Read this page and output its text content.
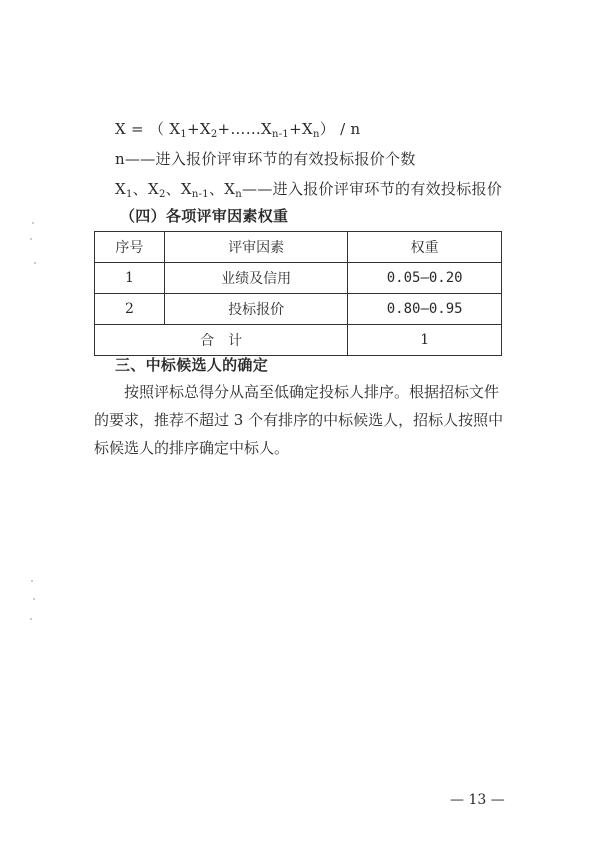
X = （ $X_1+X_2+\dots\dots X_{n-1}+X_n) / n$
n——进入报价评审环节的有效投标报价个数
$X_1$、$X_2$、$X_{n-1}$、$X_n——$进入报价评审环节的有效投标报价
（四）各项评审因素权重
序号	评审因素	权重
1	业绩及信用	0.05—0.20
2	投标报价	0.80—0.95
合　计		1
三、中标候选人的确定
按照评标总得分从高至低确定投标人排序。根据招标文件
的要求，推荐不超过 3 个有排序的中标候选人，招标人按照中
标候选人的排序确定中标人。
— 13 —
